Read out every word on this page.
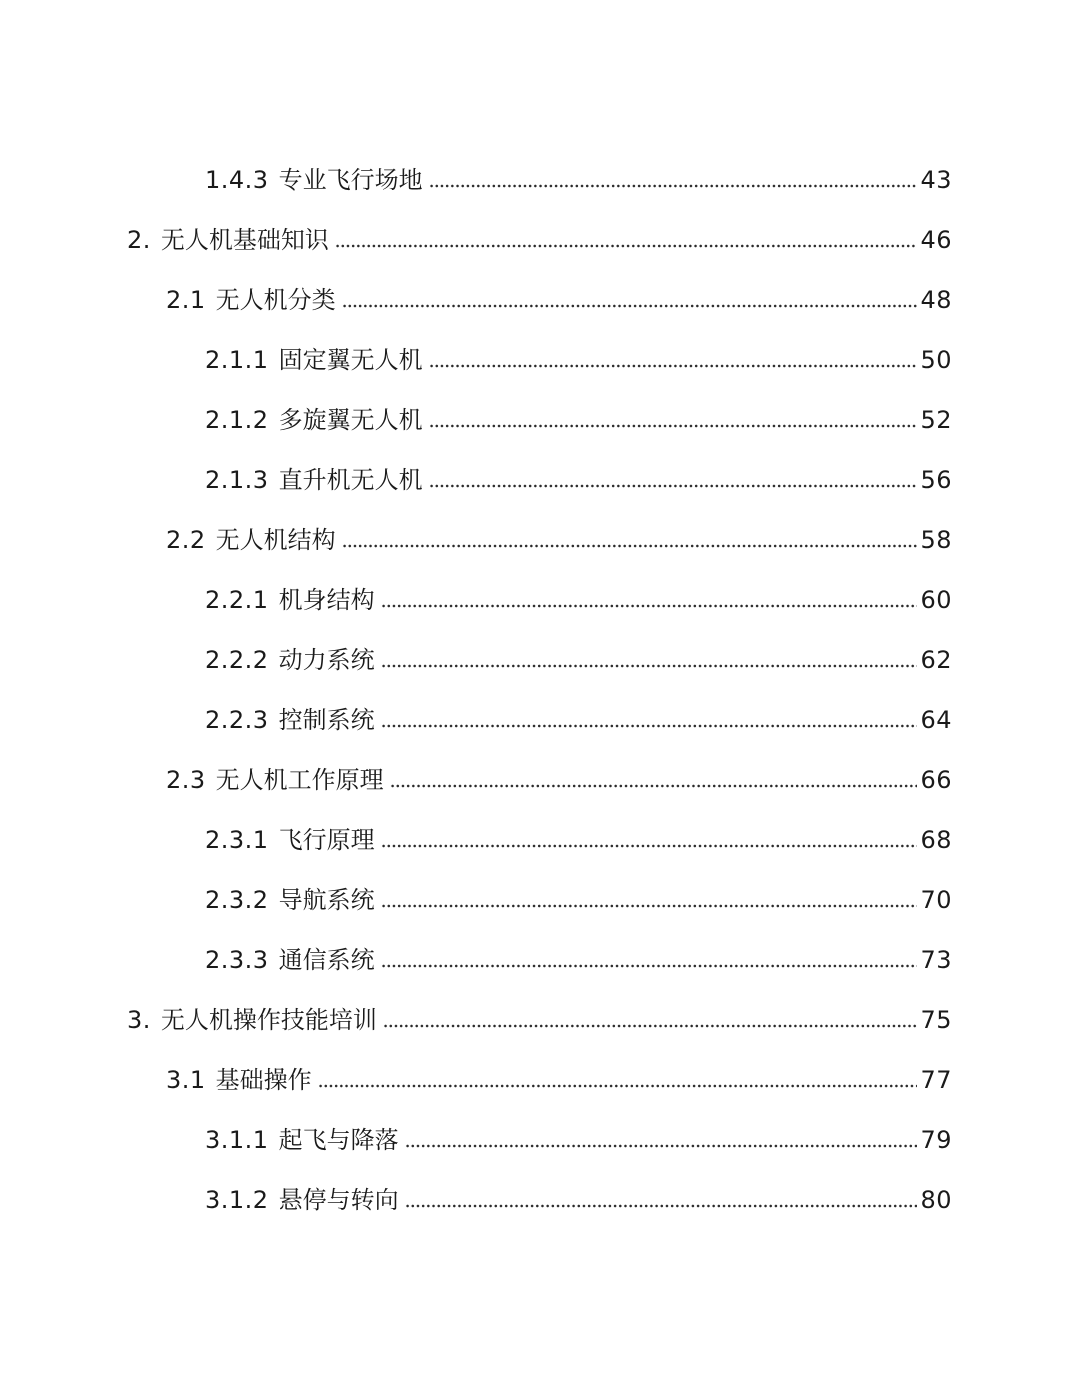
1.4.3 专业飞行场地	43
2. 无人机基础知识	46
2.1 无人机分类	48
2.1.1 固定翼无人机	50
2.1.2 多旋翼无人机	52
2.1.3 直升机无人机	56
2.2 无人机结构	58
2.2.1 机身结构	60
2.2.2 动力系统	62
2.2.3 控制系统	64
2.3 无人机工作原理	66
2.3.1 飞行原理	68
2.3.2 导航系统	70
2.3.3 通信系统	73
3. 无人机操作技能培训	75
3.1 基础操作	77
3.1.1 起飞与降落	79
3.1.2 悬停与转向	80
